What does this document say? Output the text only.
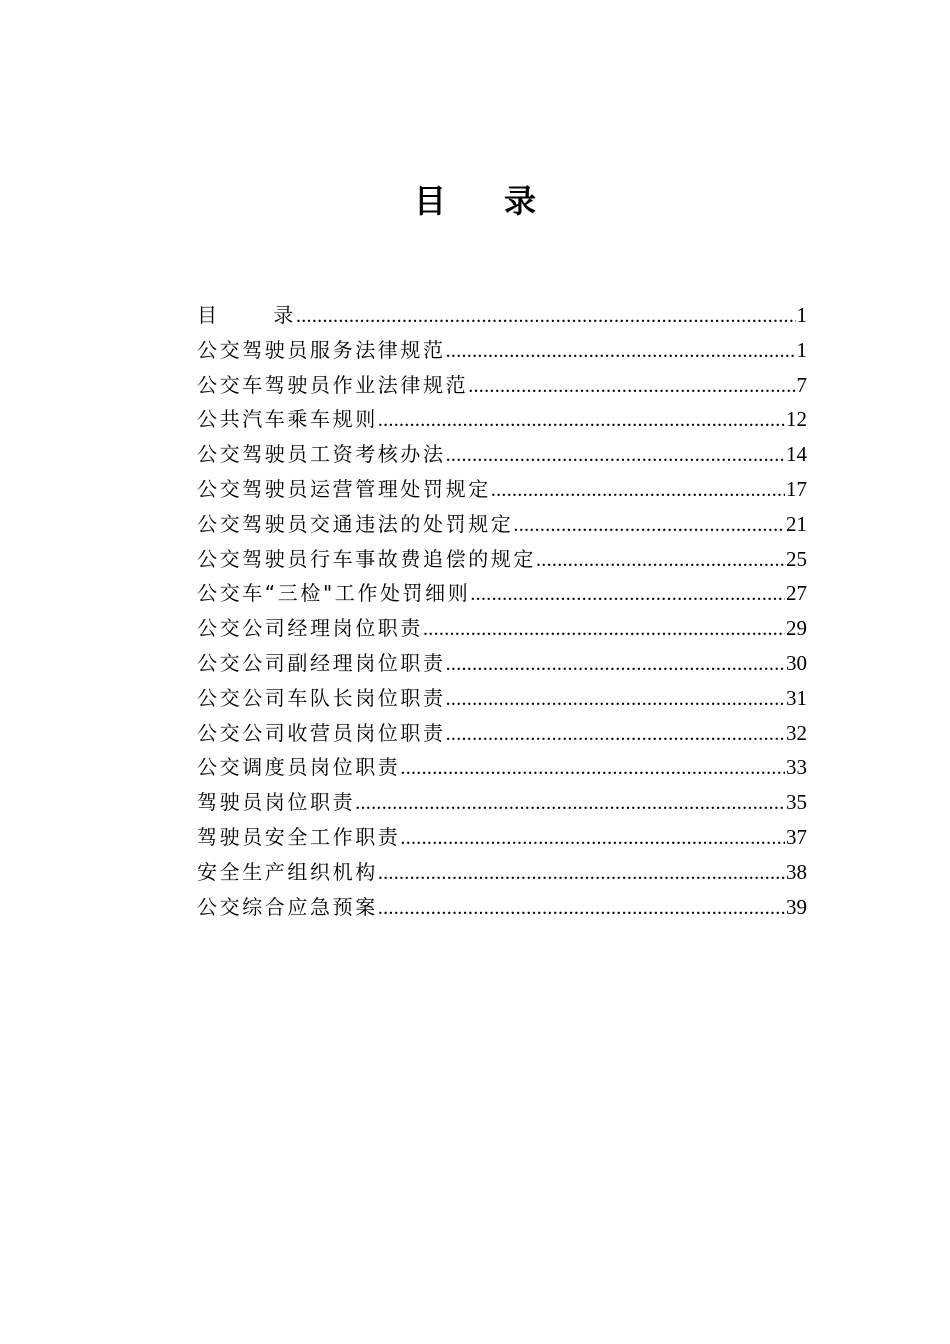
目 录
目      录 .....	1
公交驾驶员服务法律规范 .....	1
公交车驾驶员作业法律规范 .....	7
公共汽车乘车规则 .....	12
公交驾驶员工资考核办法 .....	14
公交驾驶员运营管理处罚规定 .....	17
公交驾驶员交通违法的处罚规定 .....	21
公交驾驶员行车事故费追偿的规定 .....	25
公交车“三检"工作处罚细则 .....	27
公交公司经理岗位职责 .....	29
公交公司副经理岗位职责 .....	30
公交公司车队长岗位职责 .....	31
公交公司收营员岗位职责 .....	32
公交调度员岗位职责 .....	33
驾驶员岗位职责 .....	35
驾驶员安全工作职责 .....	37
安全生产组织机构 .....	38
公交综合应急预案 .....	39
